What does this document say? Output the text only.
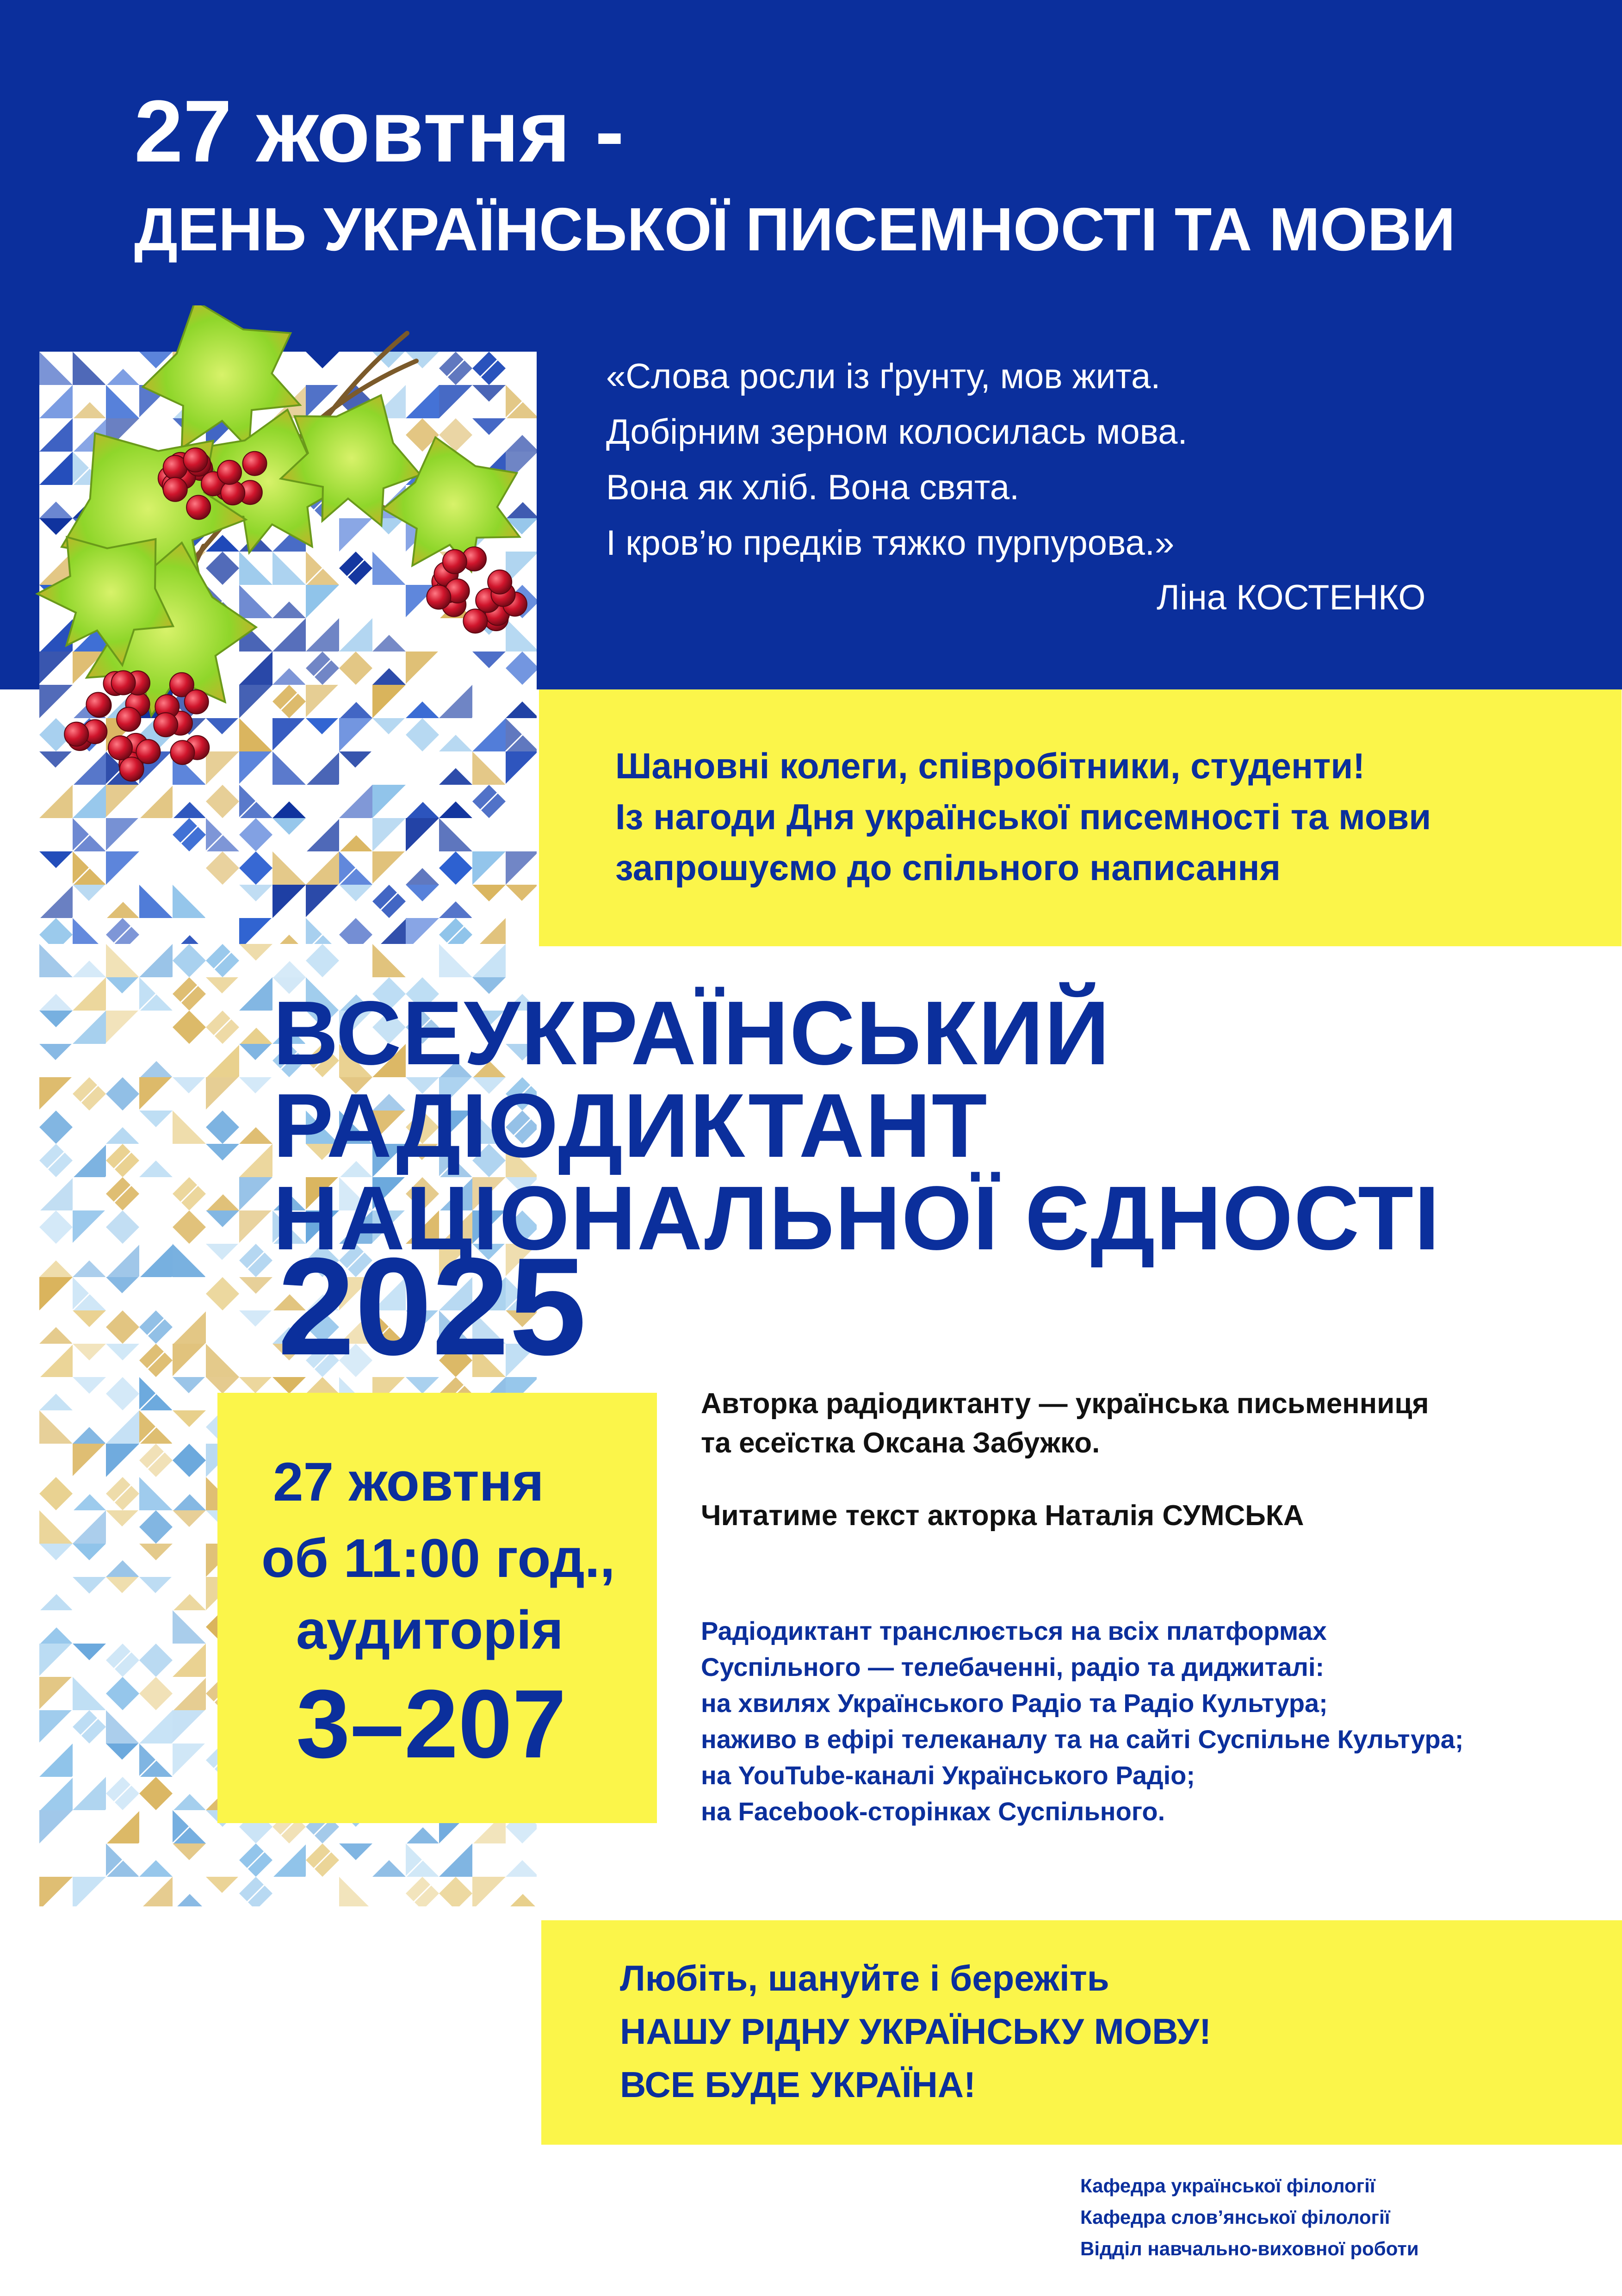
27 жовтня -
ДЕНЬ УКРАЇНСЬКОЇ ПИСЕМНОСТІ ТА МОВИ
«Слова росли із ґрунту, мов жита.
Добірним зерном колосилась мова.
Вона як хліб. Вона свята.
І кров’ю предків тяжко пурпурова.»
Ліна КОСТЕНКО
Шановні колеги, співробітники, студенти!
Із нагоди Дня української писемності та мови
запрошуємо до спільного написання
ВСЕУКРАЇНСЬКИЙ
РАДІОДИКТАНТ
НАЦІОНАЛЬНОЇ ЄДНОСТІ
2025
27 жовтня
об 11:00 год.,
аудиторія
3–207
Авторка радіодиктанту — українська письменниця
та есеїстка Оксана Забужко.
Читатиме текст акторка Наталія СУМСЬКА
Радіодиктант транслюється на всіх платформах
Суспільного — телебаченні, радіо та диджиталі:
на хвилях Українського Радіо та Радіо Культура;
наживо в ефірі телеканалу та на сайті Суспільне Культура;
на YouTube-каналі Українського Радіо;
на Facebook-сторінках Суспільного.
Любіть, шануйте і бережіть
НАШУ РІДНУ УКРАЇНСЬКУ МОВУ!
ВСЕ БУДЕ УКРАЇНА!
Кафедра української філології
Кафедра слов’янської філології
Відділ навчально-виховної роботи
